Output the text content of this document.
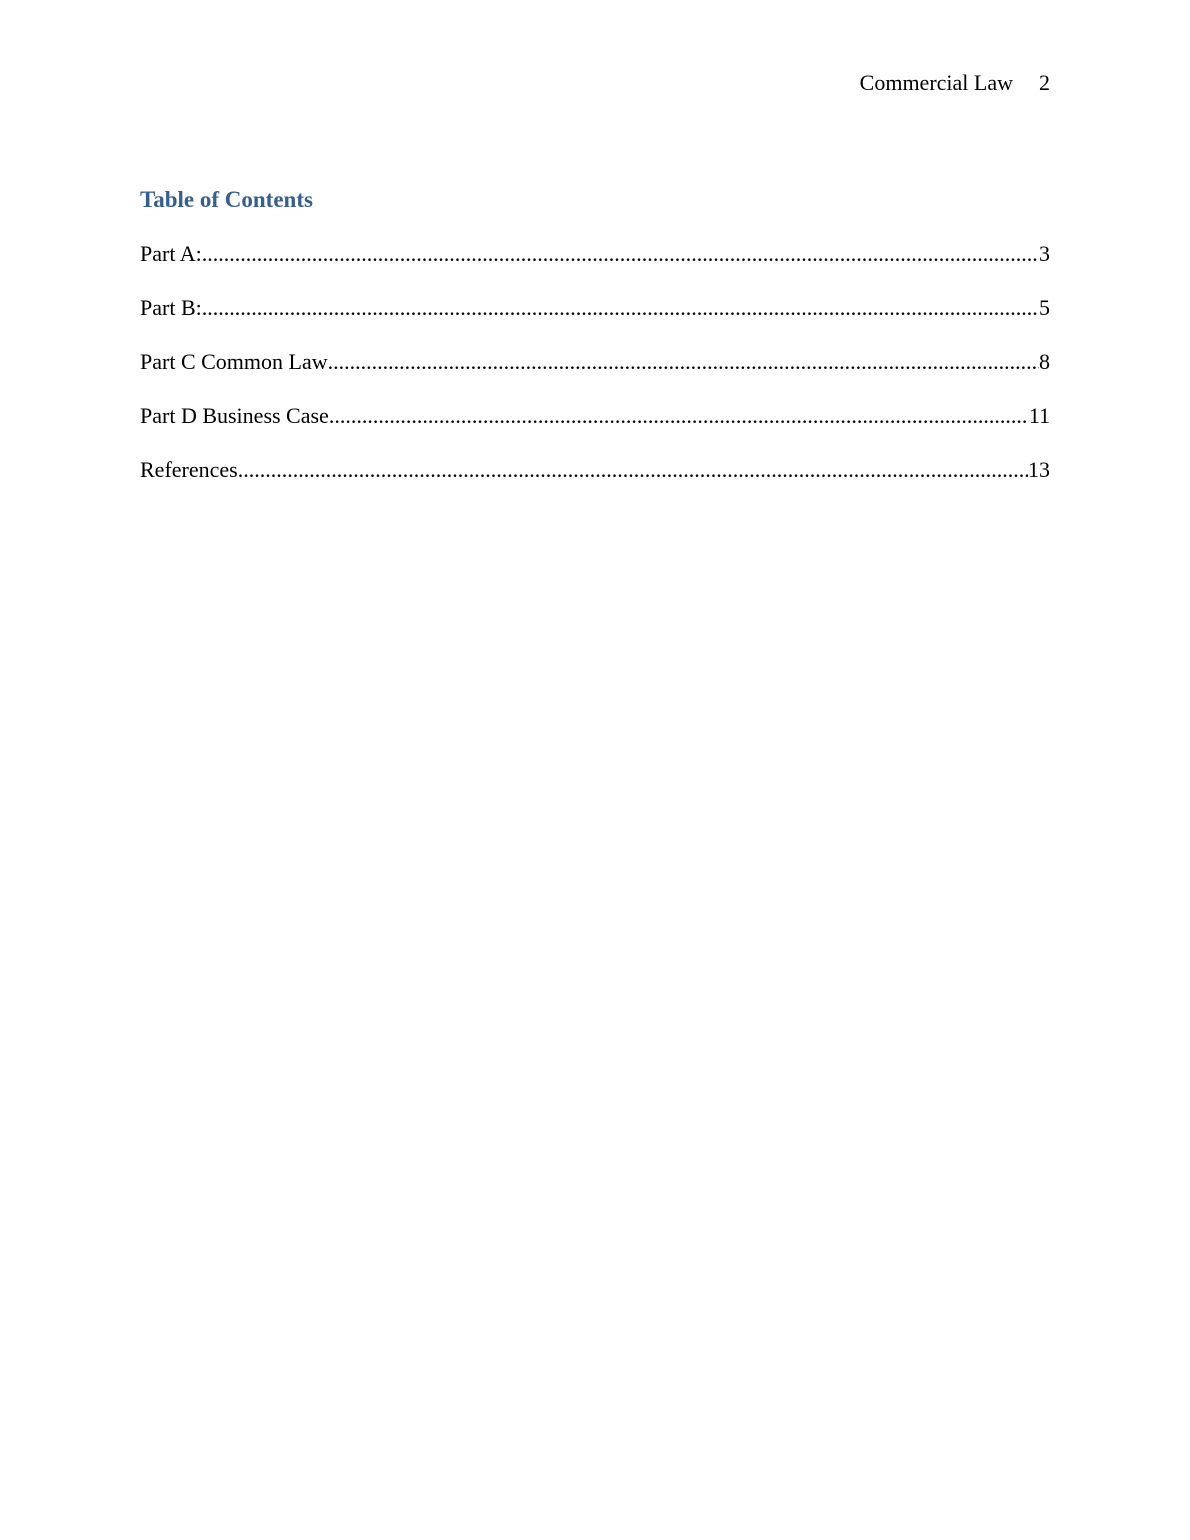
Commercial Law 2
Table of Contents
Part A: .....	3
Part B: .....	5
Part C Common Law .....	8
Part D Business Case .....	11
References .....	13
